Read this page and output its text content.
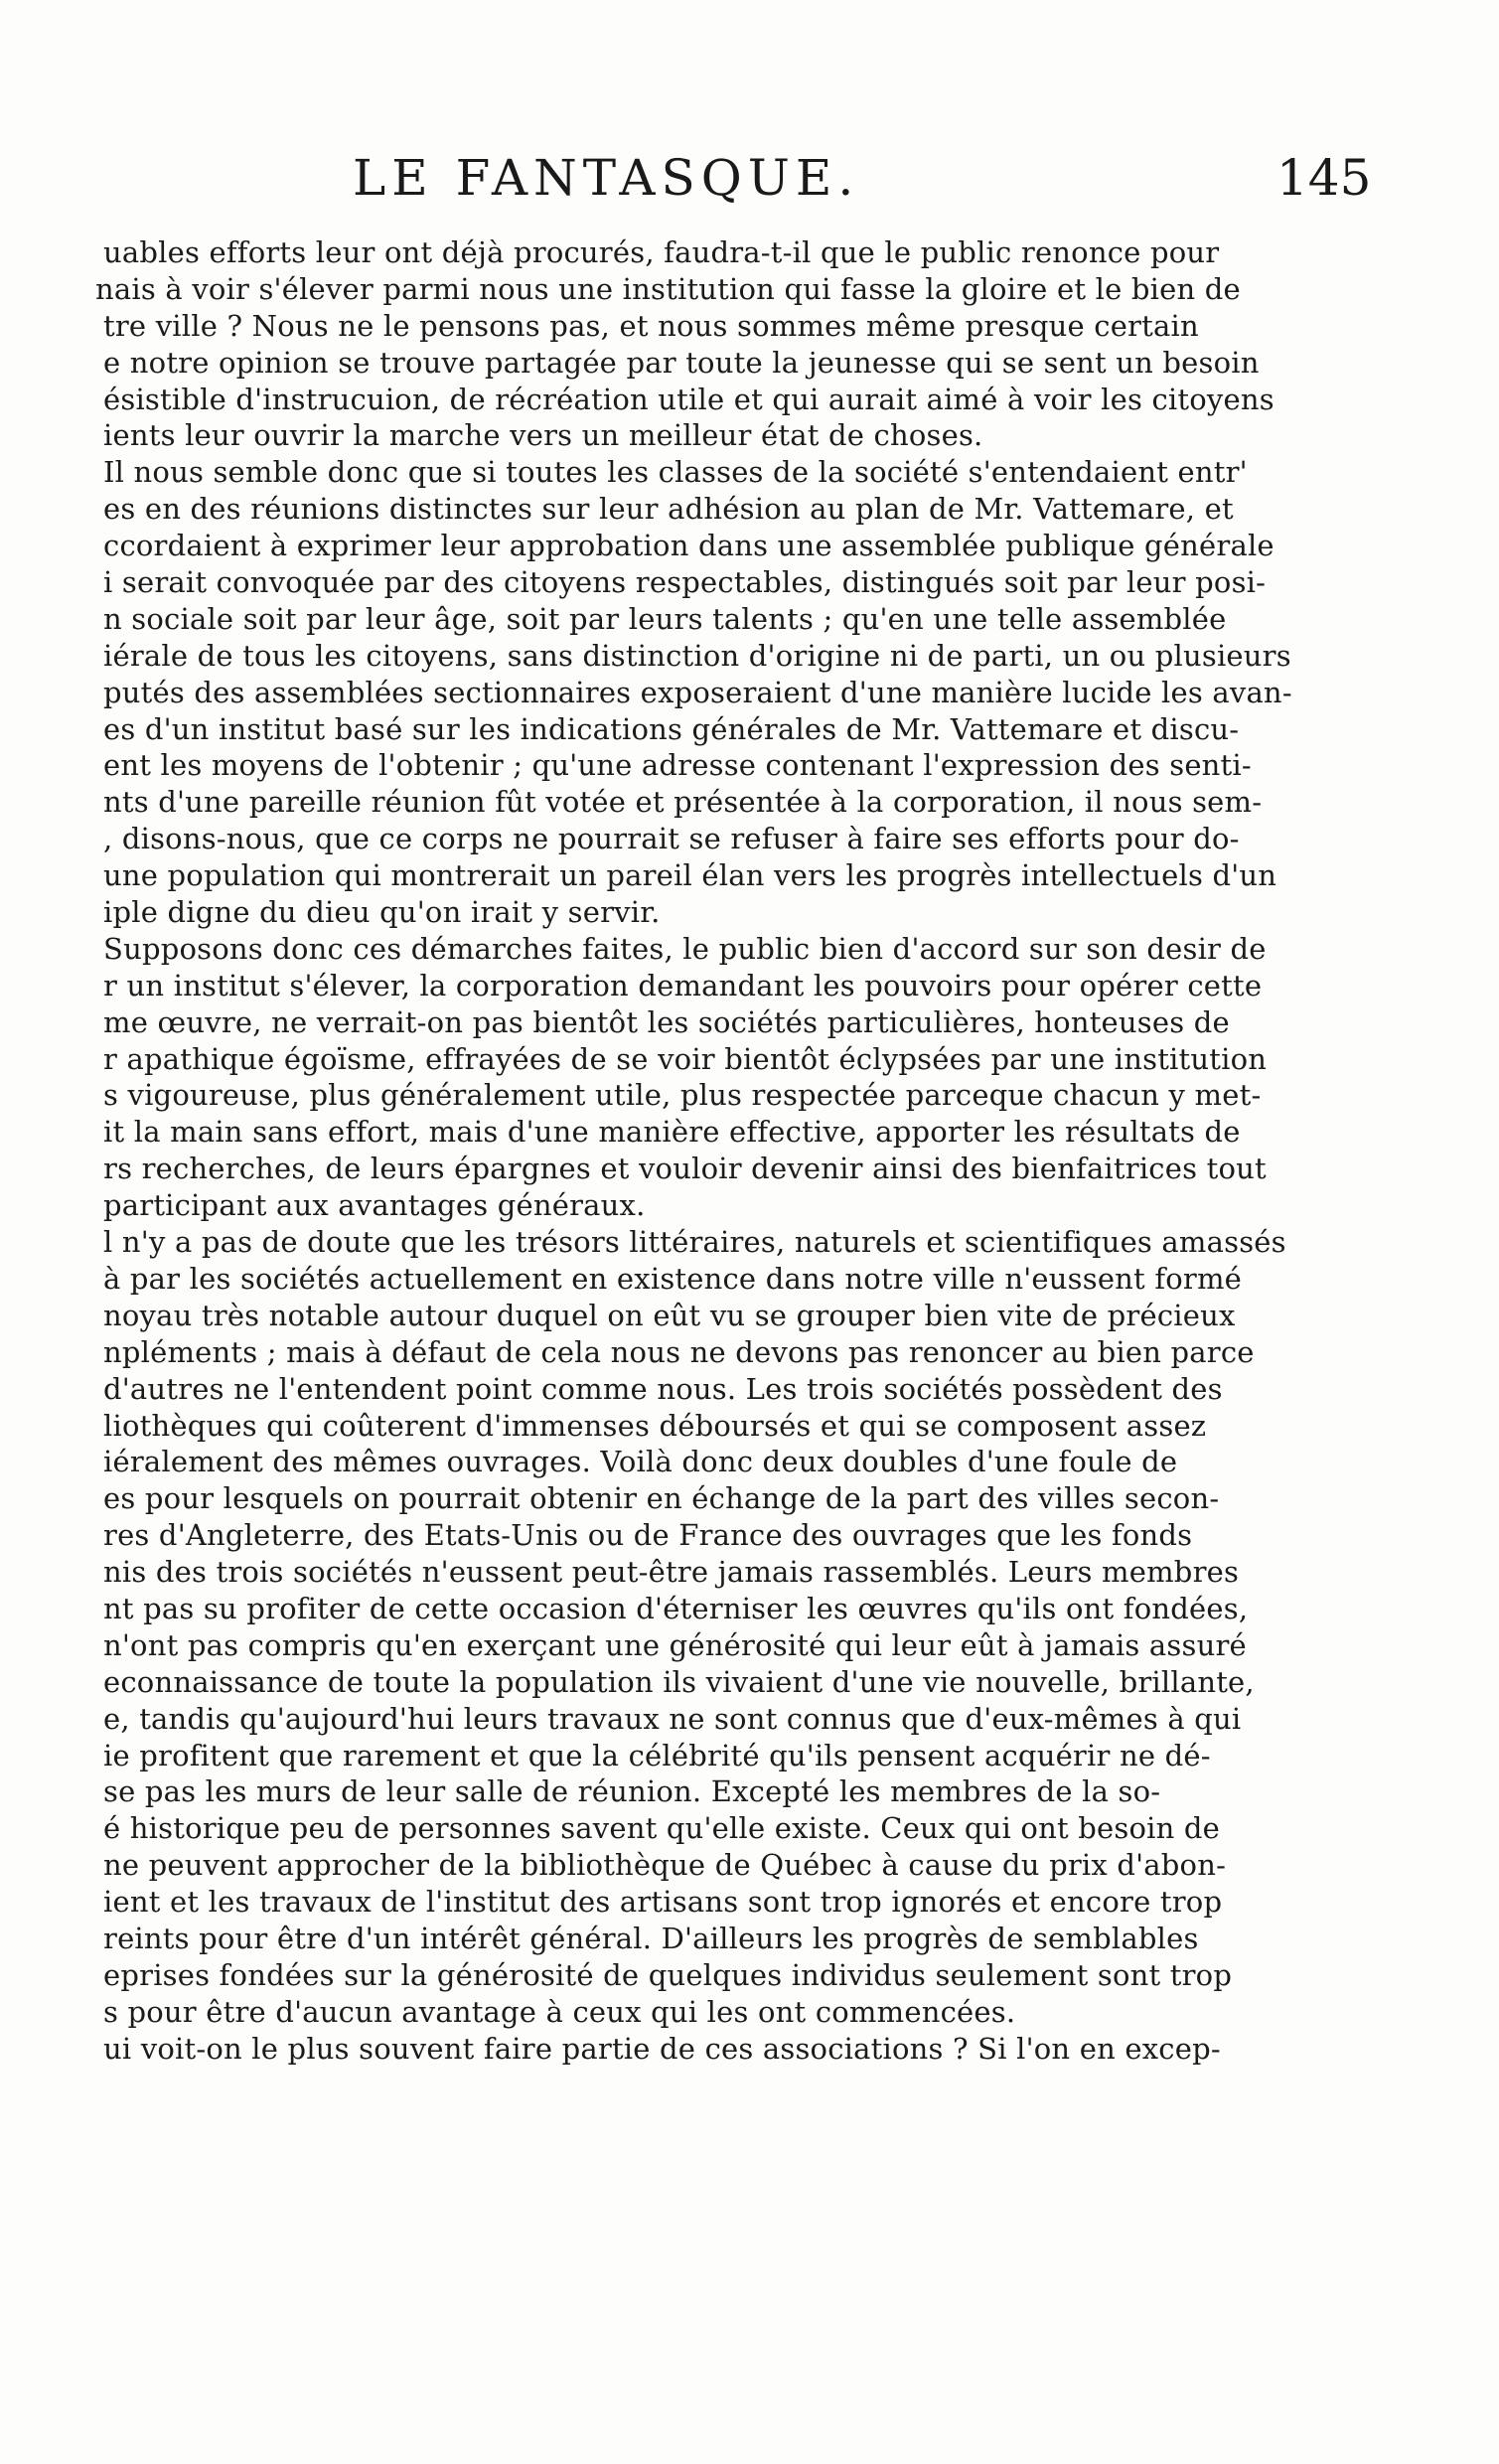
LE FANTASQUE.	145
uables efforts leur ont déjà procurés, faudra-t-il que le public renonce pour
nais à voir s'élever parmi nous une institution qui fasse la gloire et le bien de
tre ville ? Nous ne le pensons pas, et nous sommes même presque certain
e notre opinion se trouve partagée par toute la jeunesse qui se sent un besoin
ésistible d'instrucuion, de récréation utile et qui aurait aimé à voir les citoyens
ients leur ouvrir la marche vers un meilleur état de choses.
Il nous semble donc que si toutes les classes de la société s'entendaient entr'
es en des réunions distinctes sur leur adhésion au plan de Mr. Vattemare, et
ccordaient à exprimer leur approbation dans une assemblée publique générale
i serait convoquée par des citoyens respectables, distingués soit par leur posi-
n sociale soit par leur âge, soit par leurs talents ; qu'en une telle assemblée
iérale de tous les citoyens, sans distinction d'origine ni de parti, un ou plusieurs
putés des assemblées sectionnaires exposeraient d'une manière lucide les avan-
es d'un institut basé sur les indications générales de Mr. Vattemare et discu-
ent les moyens de l'obtenir ; qu'une adresse contenant l'expression des senti-
nts d'une pareille réunion fût votée et présentée à la corporation, il nous sem-
, disons-nous, que ce corps ne pourrait se refuser à faire ses efforts pour do-
une population qui montrerait un pareil élan vers les progrès intellectuels d'un
iple digne du dieu qu'on irait y servir.
Supposons donc ces démarches faites, le public bien d'accord sur son desir de
r un institut s'élever, la corporation demandant les pouvoirs pour opérer cette
me œuvre, ne verrait-on pas bientôt les sociétés particulières, honteuses de
r apathique égoïsme, effrayées de se voir bientôt éclypsées par une institution
s vigoureuse, plus généralement utile, plus respectée parceque chacun y met-
it la main sans effort, mais d'une manière effective, apporter les résultats de
rs recherches, de leurs épargnes et vouloir devenir ainsi des bienfaitrices tout
participant aux avantages généraux.
l n'y a pas de doute que les trésors littéraires, naturels et scientifiques amassés
à par les sociétés actuellement en existence dans notre ville n'eussent formé
noyau très notable autour duquel on eût vu se grouper bien vite de précieux
npléments ; mais à défaut de cela nous ne devons pas renoncer au bien parce
d'autres ne l'entendent point comme nous. Les trois sociétés possèdent des
liothèques qui coûterent d'immenses déboursés et qui se composent assez
iéralement des mêmes ouvrages. Voilà donc deux doubles d'une foule de
es pour lesquels on pourrait obtenir en échange de la part des villes secon-
res d'Angleterre, des Etats-Unis ou de France des ouvrages que les fonds
nis des trois sociétés n'eussent peut-être jamais rassemblés. Leurs membres
nt pas su profiter de cette occasion d'éterniser les œuvres qu'ils ont fondées,
n'ont pas compris qu'en exerçant une générosité qui leur eût à jamais assuré
econnaissance de toute la population ils vivaient d'une vie nouvelle, brillante,
e, tandis qu'aujourd'hui leurs travaux ne sont connus que d'eux-mêmes à qui
ie profitent que rarement et que la célébrité qu'ils pensent acquérir ne dé-
se pas les murs de leur salle de réunion. Excepté les membres de la so-
é historique peu de personnes savent qu'elle existe. Ceux qui ont besoin de
ne peuvent approcher de la bibliothèque de Québec à cause du prix d'abon-
ient et les travaux de l'institut des artisans sont trop ignorés et encore trop
reints pour être d'un intérêt général. D'ailleurs les progrès de semblables
eprises fondées sur la générosité de quelques individus seulement sont trop
s pour être d'aucun avantage à ceux qui les ont commencées.
ui voit-on le plus souvent faire partie de ces associations ? Si l'on en excep-
